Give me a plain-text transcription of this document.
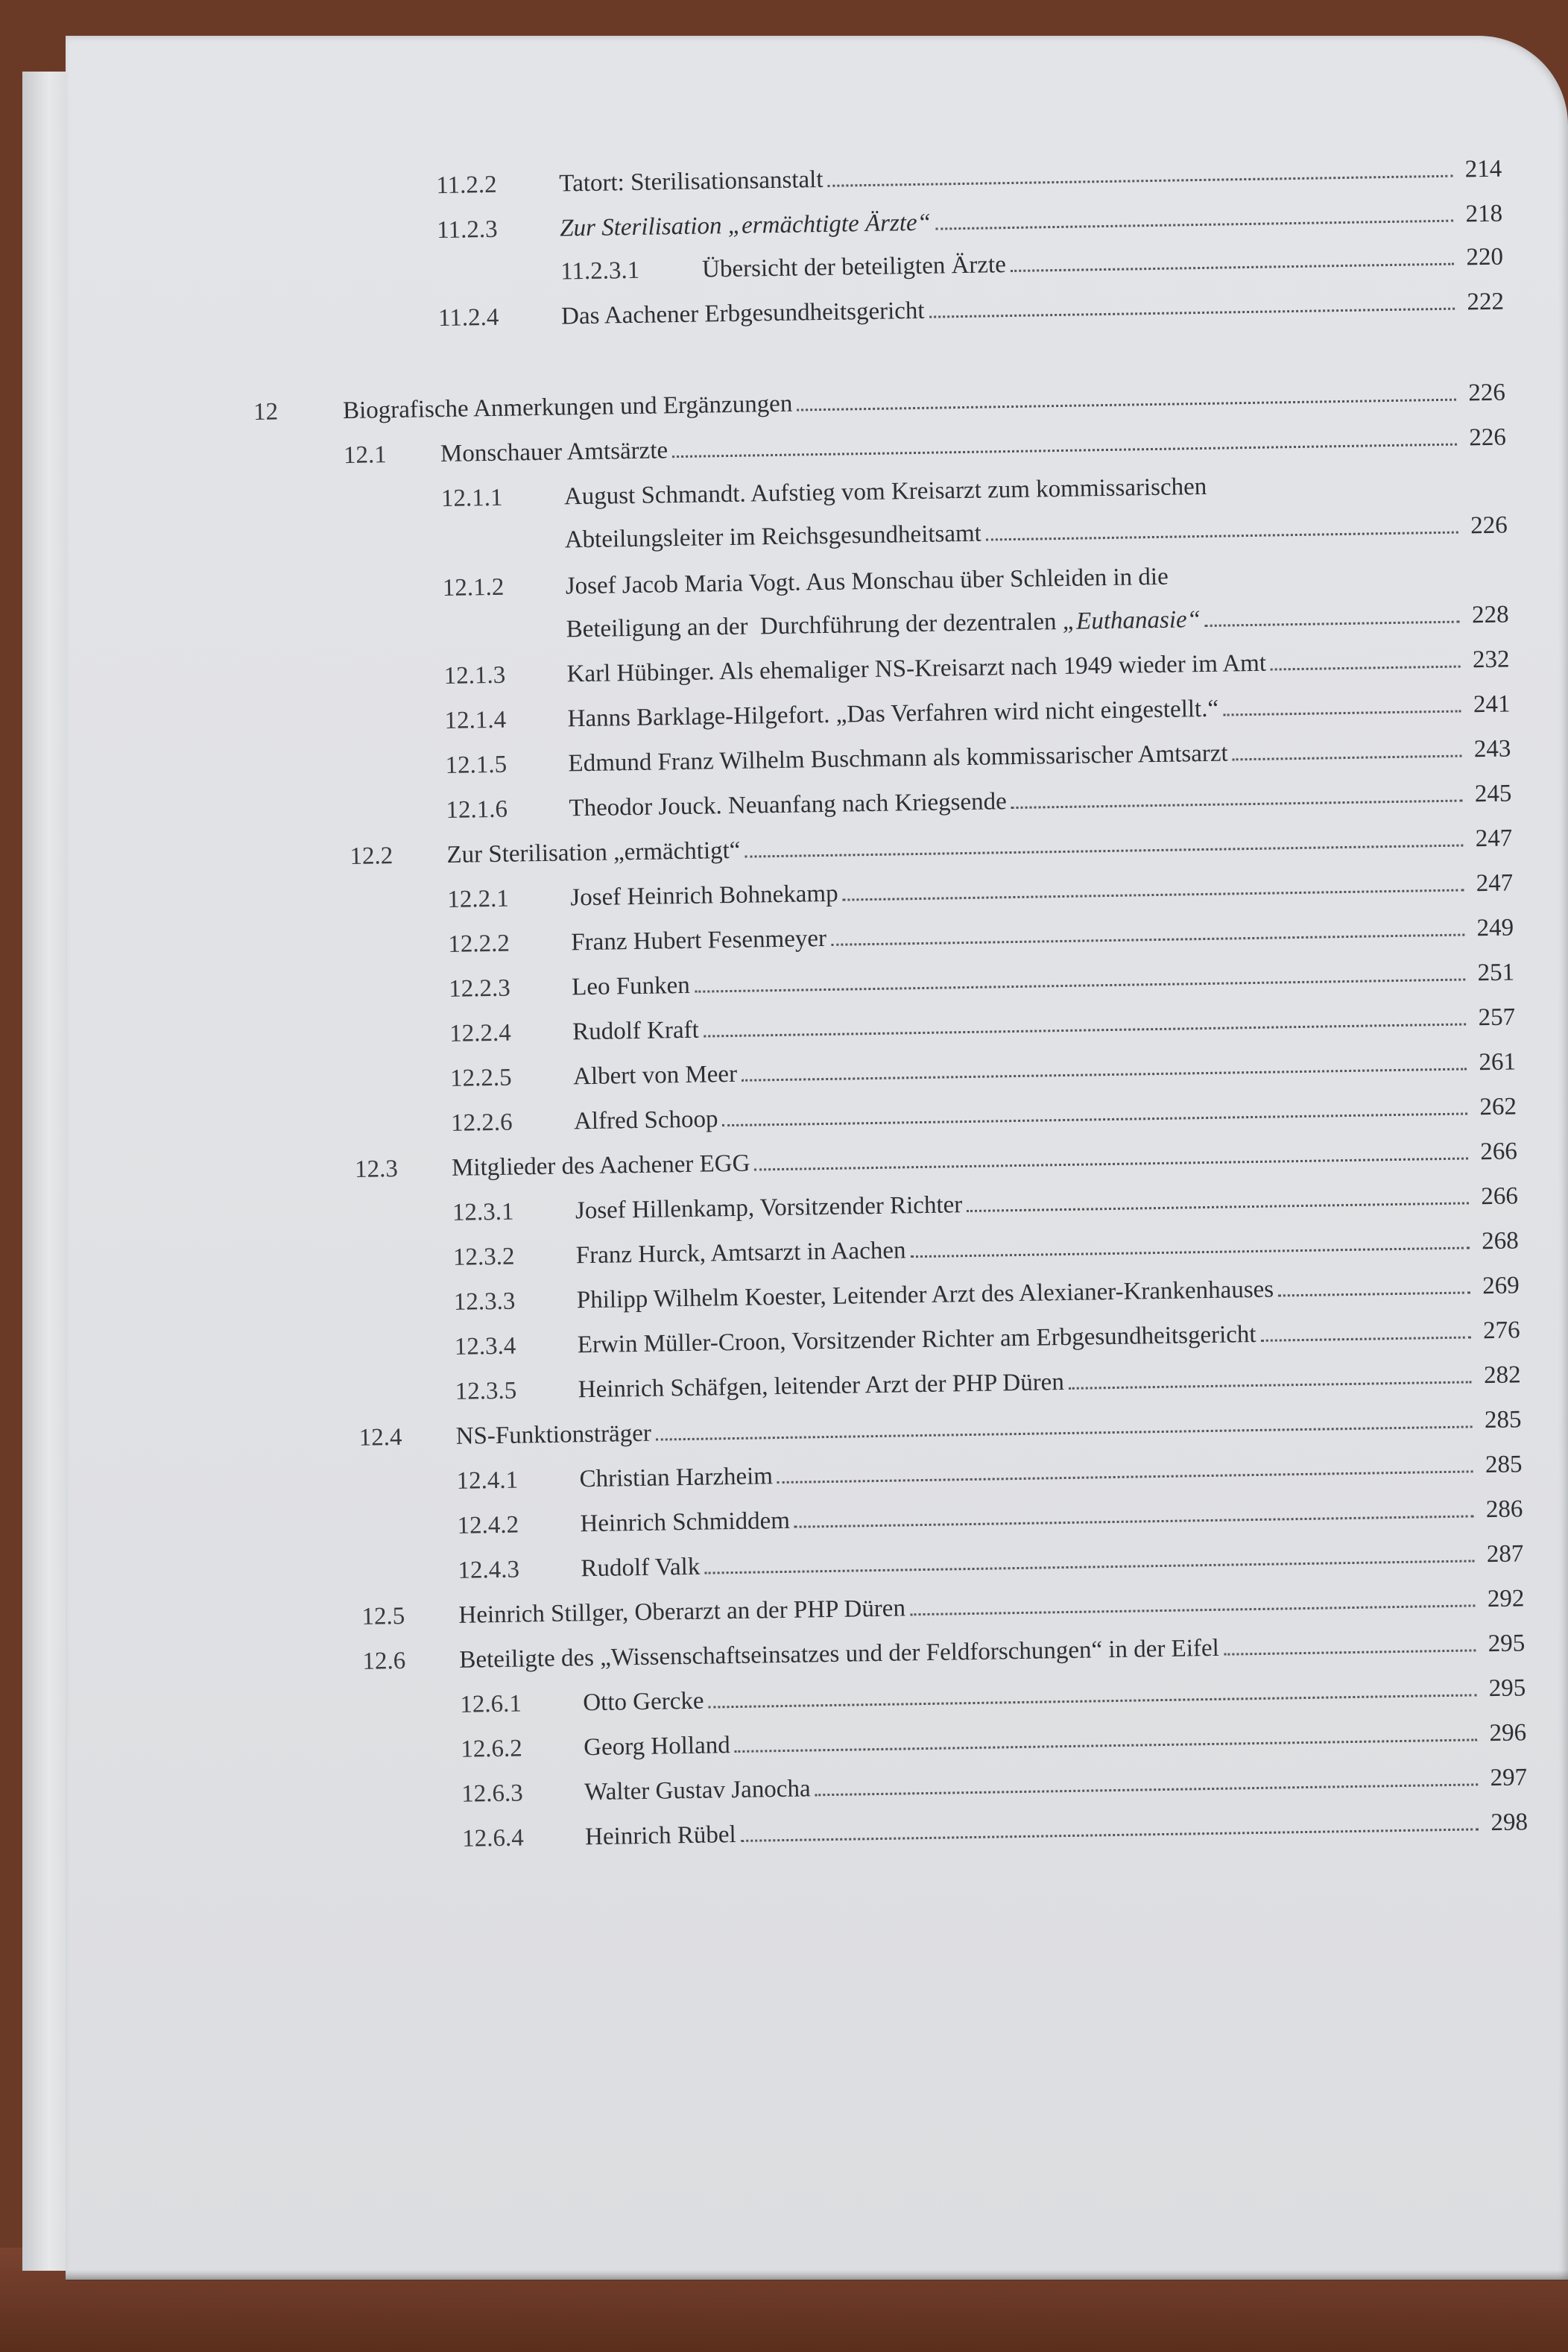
11.2.2	Tatort: Sterilisationsanstalt	214
11.2.3	Zur Sterilisation „ermächtigte Ärzte“	218
11.2.3.1	Übersicht der beteiligten Ärzte	220
11.2.4	Das Aachener Erbgesundheitsgericht	222
12	Biografische Anmerkungen und Ergänzungen	226
12.1 Monschauer Amtsärzte	226
12.1.1 August Schmandt. Aufstieg vom Kreisarzt zum kommissarischen
Abteilungsleiter im Reichsgesundheitsamt	226
12.1.2 Josef Jacob Maria Vogt. Aus Monschau über Schleiden in die
Beteiligung an der  Durchführung der dezentralen „Euthanasie“	228
12.1.3 Karl Hübinger. Als ehemaliger NS-Kreisarzt nach 1949 wieder im Amt	232
12.1.4 Hanns Barklage-Hilgefort. „Das Verfahren wird nicht eingestellt.“	241
12.1.5 Edmund Franz Wilhelm Buschmann als kommissarischer Amtsarzt	243
12.1.6 Theodor Jouck. Neuanfang nach Kriegsende	245
12.2 Zur Sterilisation „ermächtigt“	247
12.2.1 Josef Heinrich Bohnekamp	247
12.2.2 Franz Hubert Fesenmeyer	249
12.2.3 Leo Funken	251
12.2.4 Rudolf Kraft	257
12.2.5 Albert von Meer	261
12.2.6 Alfred Schoop	262
12.3 Mitglieder des Aachener EGG	266
12.3.1 Josef Hillenkamp, Vorsitzender Richter	266
12.3.2 Franz Hurck, Amtsarzt in Aachen	268
12.3.3 Philipp Wilhelm Koester, Leitender Arzt des Alexianer-Krankenhauses	269
12.3.4 Erwin Müller-Croon, Vorsitzender Richter am Erbgesundheitsgericht	276
12.3.5 Heinrich Schäfgen, leitender Arzt der PHP Düren	282
12.4 NS-Funktionsträger	285
12.4.1 Christian Harzheim	285
12.4.2 Heinrich Schmiddem	286
12.4.3 Rudolf Valk	287
12.5 Heinrich Stillger, Oberarzt an der PHP Düren	292
12.6 Beteiligte des „Wissenschaftseinsatzes und der Feldforschungen“ in der Eifel	295
12.6.1 Otto Gercke	295
12.6.2 Georg Holland	296
12.6.3 Walter Gustav Janocha	297
12.6.4 Heinrich Rübel	298
